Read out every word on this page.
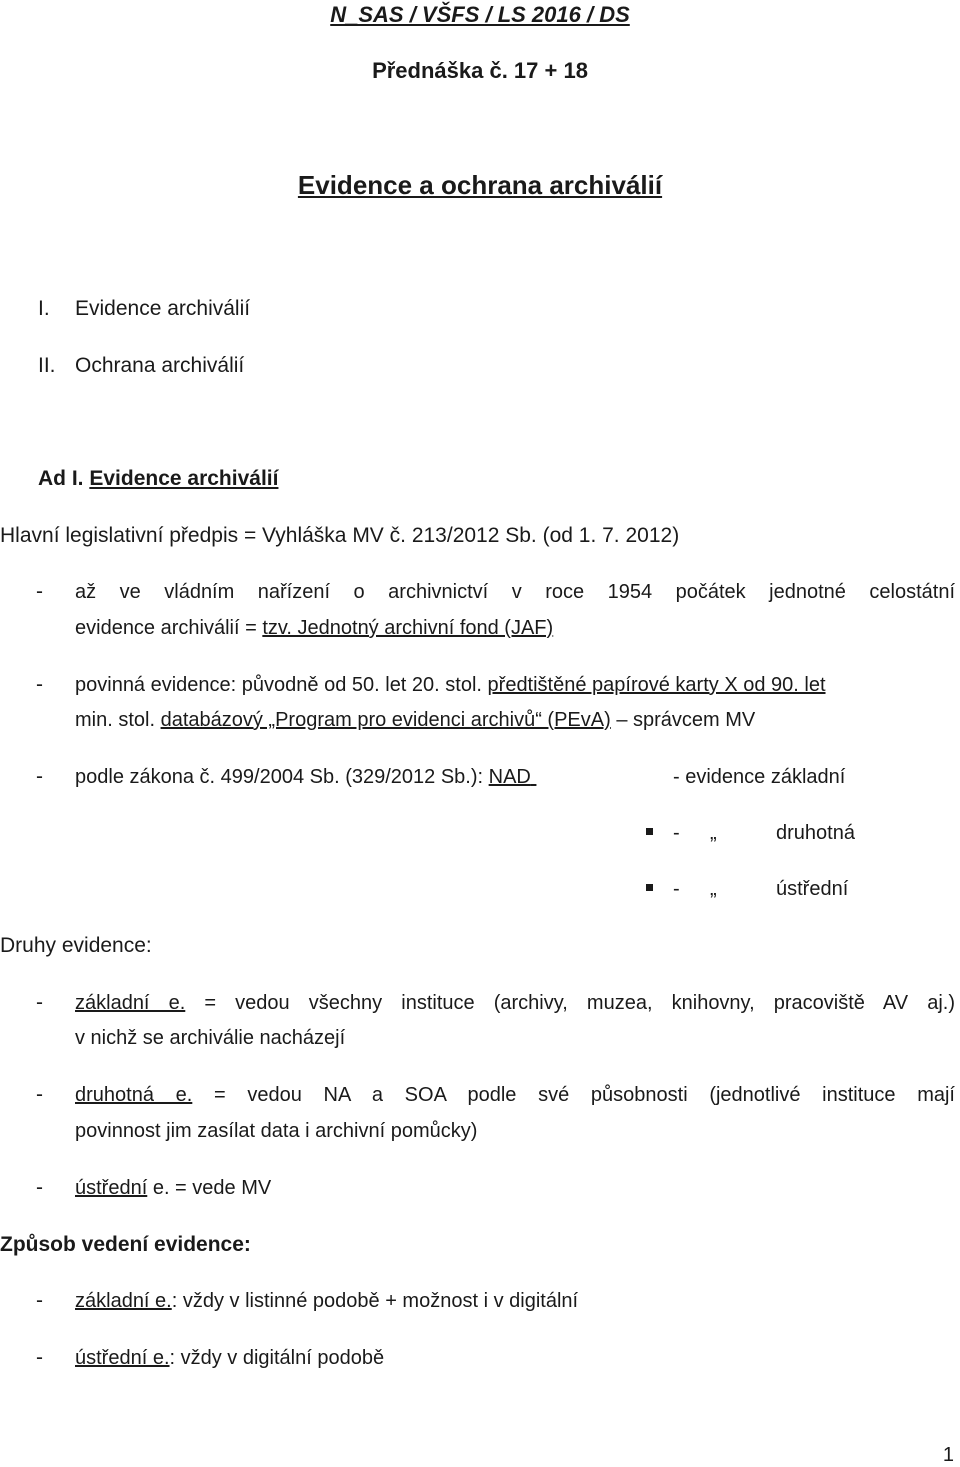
N_SAS / VŠFS / LS 2016 / DS
Přednáška č. 17 + 18
Evidence a ochrana archiválií
I. Evidence archiválií
II. Ochrana archiválií
Ad I. Evidence archiválií
Hlavní legislativní předpis = Vyhláška MV č. 213/2012 Sb. (od 1. 7. 2012)
- až ve vládním nařízení o archivnictví v roce 1954 počátek jednotné celostátní
evidence archiválií = tzv. Jednotný archivní fond (JAF)
- povinná evidence: původně od 50. let 20. stol. předtištěné papírové karty X od 90. let
min. stol. databázový „Program pro evidenci archivů“ (PEvA) – správcem MV
- podle zákona č. 499/2004 Sb. (329/2012 Sb.): NAD	- evidence základní
- „	druhotná
- „	ústřední
Druhy evidence:
- základní e. = vedou všechny instituce (archivy, muzea, knihovny, pracoviště AV aj.)
v nichž se archiválie nacházejí
- druhotná e. = vedou NA a SOA podle své působnosti (jednotlivé instituce mají
povinnost jim zasílat data i archivní pomůcky)
- ústřední e. = vede MV
Způsob vedení evidence:
- základní e.: vždy v listinné podobě + možnost i v digitální
- ústřední e.: vždy v digitální podobě
1
